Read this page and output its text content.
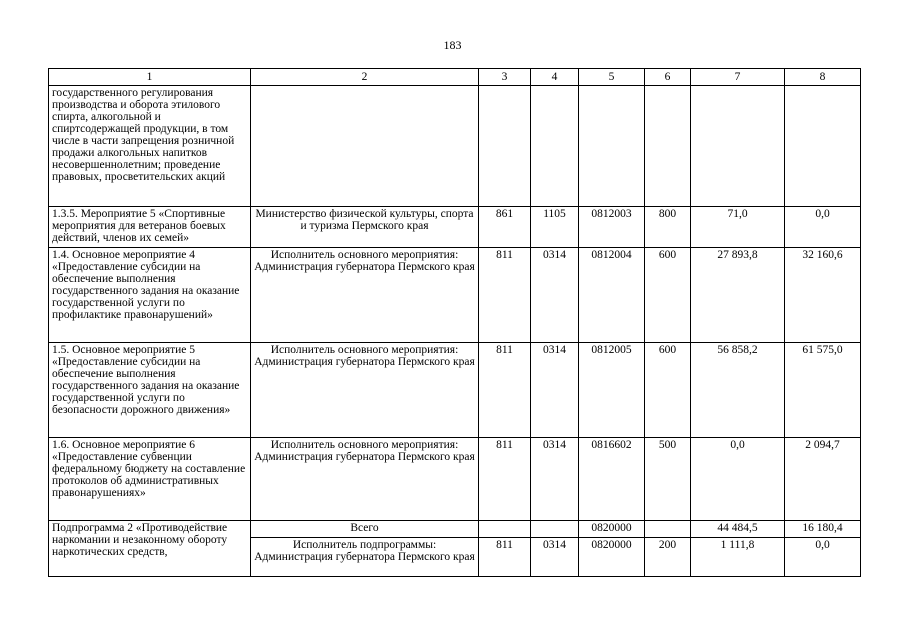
183
1	2	3	4	5	6	7	8
государственного регулирования производства и оборота этилового спирта, алкогольной и спиртсодержащей продукции, в том числе в части запрещения розничной продажи алкогольных напитков несовершеннолетним; проведение правовых, просветительских акций							
1.3.5. Мероприятие 5 «Спортивные мероприятия для ветеранов боевых действий, членов их семей»	Министерство физической культуры, спорта и туризма Пермского края	861	1105	0812003	800	71,0	0,0
1.4. Основное мероприятие 4 «Предоставление субсидии на обеспечение выполнения государственного задания на оказание государственной услуги по профилактике правонарушений»	Исполнитель основного мероприятия: Администрация губернатора Пермского края	811	0314	0812004	600	27 893,8	32 160,6
1.5. Основное мероприятие 5 «Предоставление субсидии на обеспечение выполнения государственного задания на оказание государственной услуги по безопасности дорожного движения»	Исполнитель основного мероприятия: Администрация губернатора Пермского края	811	0314	0812005	600	56 858,2	61 575,0
1.6. Основное мероприятие 6 «Предоставление субвенции федеральному бюджету на составление протоколов об административных правонарушениях»	Исполнитель основного мероприятия: Администрация губернатора Пермского края	811	0314	0816602	500	0,0	2 094,7
Подпрограмма 2 «Противодействие наркомании и незаконному обороту наркотических средств,	Всего			0820000		44 484,5	16 180,4
	Исполнитель подпрограммы: Администрация губернатора Пермского края	811	0314	0820000	200	1 111,8	0,0
